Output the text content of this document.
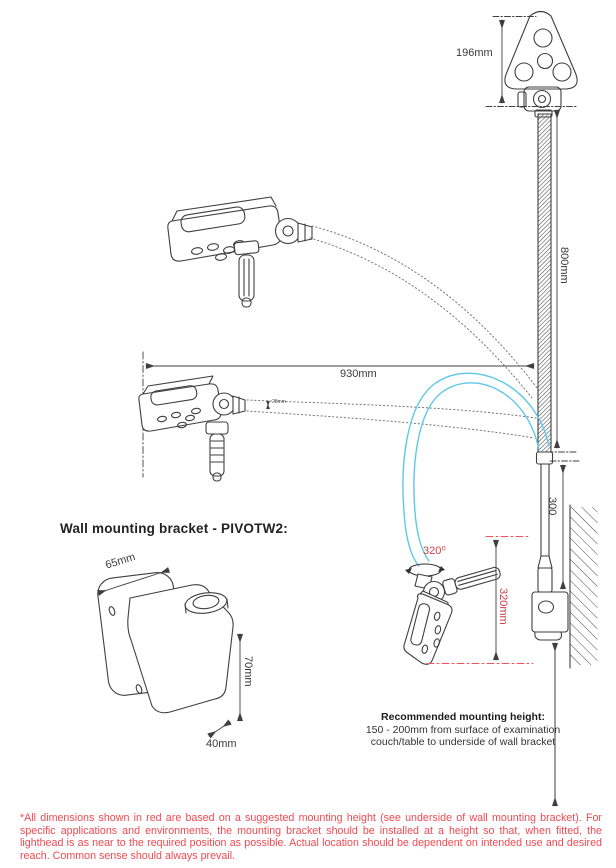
196mm
800mm
930mm
28mm
300
320mm
320⁰
Wall mounting bracket - PIVOTW2:
65mm
70mm
40mm
Recommended mounting height:
150 - 200mm from surface of examination
couch/table to underside of wall bracket
*All dimensions shown in red are based on a suggested mounting height (see underside of wall mounting bracket). For specific applications and environments, the mounting bracket should be installed at a height so that, when fitted, the lighthead is as near to the required position as possible. Actual location should be dependent on intended use and desired reach. Common sense should always prevail.
